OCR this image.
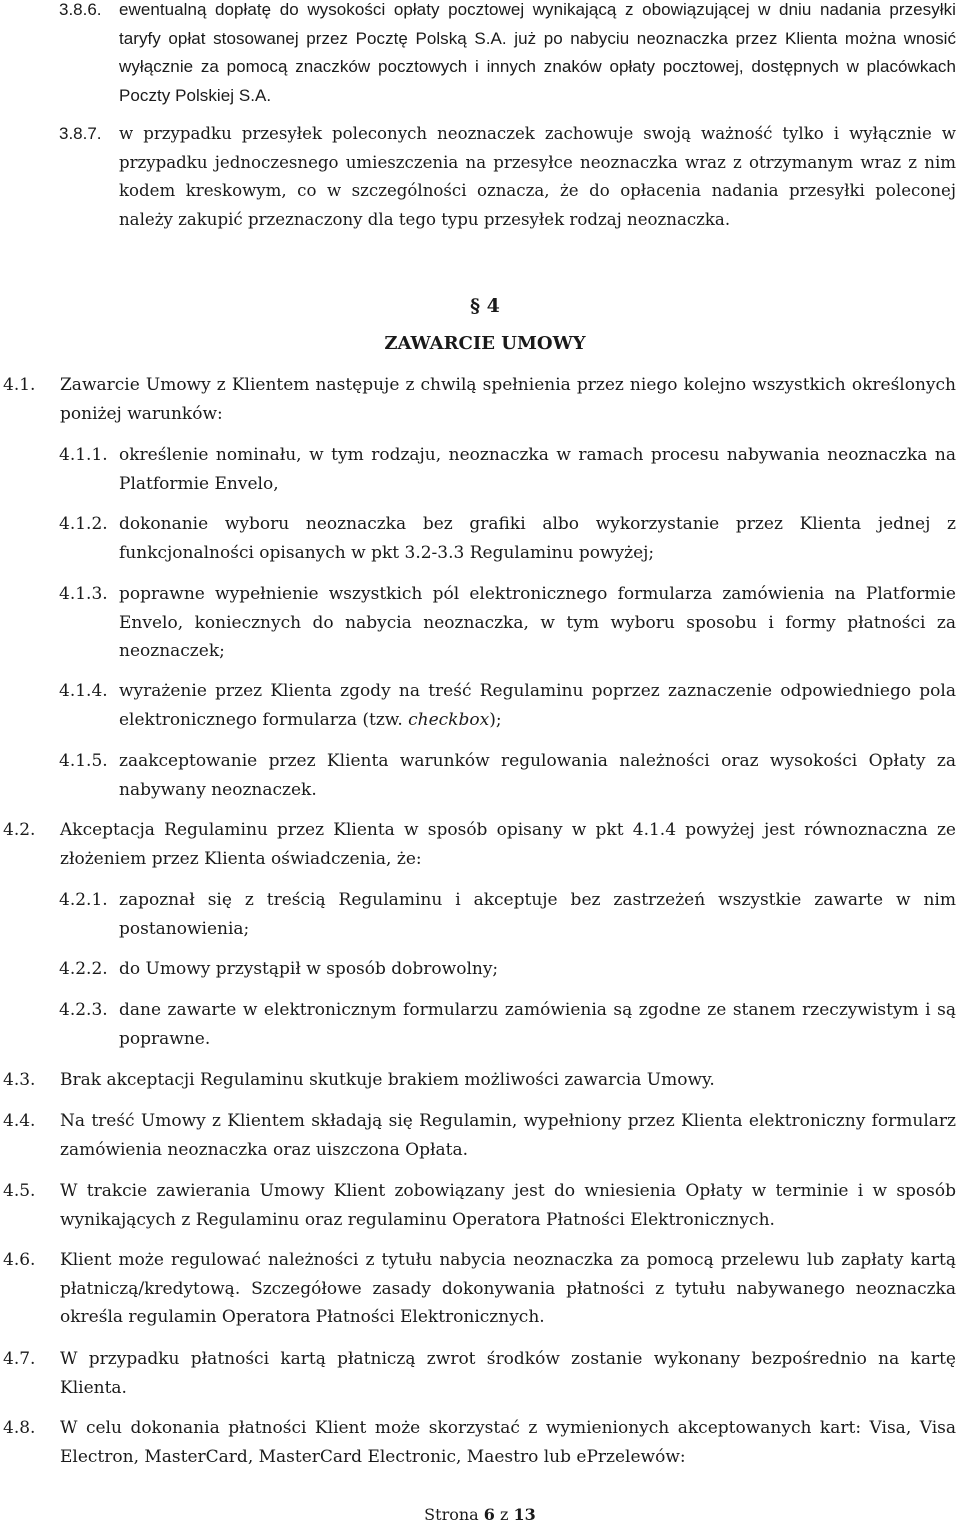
3.8.6.	ewentualną dopłatę do wysokości opłaty pocztowej wynikającą z obowiązującej w dniu nadania przesyłki taryfy opłat stosowanej przez Pocztę Polską S.A. już po nabyciu neoznaczka przez Klienta można wnosić wyłącznie za pomocą znaczków pocztowych i innych znaków opłaty pocztowej, dostępnych w placówkach Poczty Polskiej S.A.
3.8.7.	w przypadku przesyłek poleconych neoznaczek zachowuje swoją ważność tylko i wyłącznie w przypadku jednoczesnego umieszczenia na przesyłce neoznaczka wraz z otrzymanym wraz z nim kodem kreskowym, co w szczególności oznacza, że do opłacenia nadania przesyłki poleconej należy zakupić przeznaczony dla tego typu przesyłek rodzaj neoznaczka.
§ 4
ZAWARCIE UMOWY
4.1.	Zawarcie Umowy z Klientem następuje z chwilą spełnienia przez niego kolejno wszystkich określonych poniżej warunków:
4.1.1. określenie nominału, w tym rodzaju, neoznaczka w ramach procesu nabywania neoznaczka na Platformie Envelo,
4.1.2. dokonanie wyboru neoznaczka bez grafiki albo wykorzystanie przez Klienta jednej z funkcjonalności opisanych w pkt 3.2-3.3 Regulaminu powyżej;
4.1.3. poprawne wypełnienie wszystkich pól elektronicznego formularza zamówienia na Platformie Envelo, koniecznych do nabycia neoznaczka, w tym wyboru sposobu i formy płatności za neoznaczek;
4.1.4. wyrażenie przez Klienta zgody na treść Regulaminu poprzez zaznaczenie odpowiedniego pola elektronicznego formularza (tzw. checkbox);
4.1.5. zaakceptowanie przez Klienta warunków regulowania należności oraz wysokości Opłaty za nabywany neoznaczek.
4.2.	Akceptacja Regulaminu przez Klienta w sposób opisany w pkt 4.1.4 powyżej jest równoznaczna ze złożeniem przez Klienta oświadczenia, że:
4.2.1. zapoznał się z treścią Regulaminu i akceptuje bez zastrzeżeń wszystkie zawarte w nim postanowienia;
4.2.2. do Umowy przystąpił w sposób dobrowolny;
4.2.3. dane zawarte w elektronicznym formularzu zamówienia są zgodne ze stanem rzeczywistym i są poprawne.
4.3.	Brak akceptacji Regulaminu skutkuje brakiem możliwości zawarcia Umowy.
4.4.	Na treść Umowy z Klientem składają się Regulamin, wypełniony przez Klienta elektroniczny formularz zamówienia neoznaczka oraz uiszczona Opłata.
4.5.	W trakcie zawierania Umowy Klient zobowiązany jest do wniesienia Opłaty w terminie i w sposób wynikających z Regulaminu oraz regulaminu Operatora Płatności Elektronicznych.
4.6.	Klient może regulować należności z tytułu nabycia neoznaczka za pomocą przelewu lub zapłaty kartą płatniczą/kredytową. Szczegółowe zasady dokonywania płatności z tytułu nabywanego neoznaczka określa regulamin Operatora Płatności Elektronicznych.
4.7.	W przypadku płatności kartą płatniczą zwrot środków zostanie wykonany bezpośrednio na kartę Klienta.
4.8.	W celu dokonania płatności Klient może skorzystać z wymienionych akceptowanych kart: Visa, Visa Electron, MasterCard, MasterCard Electronic, Maestro lub ePrzelewów:
Strona 6 z 13
